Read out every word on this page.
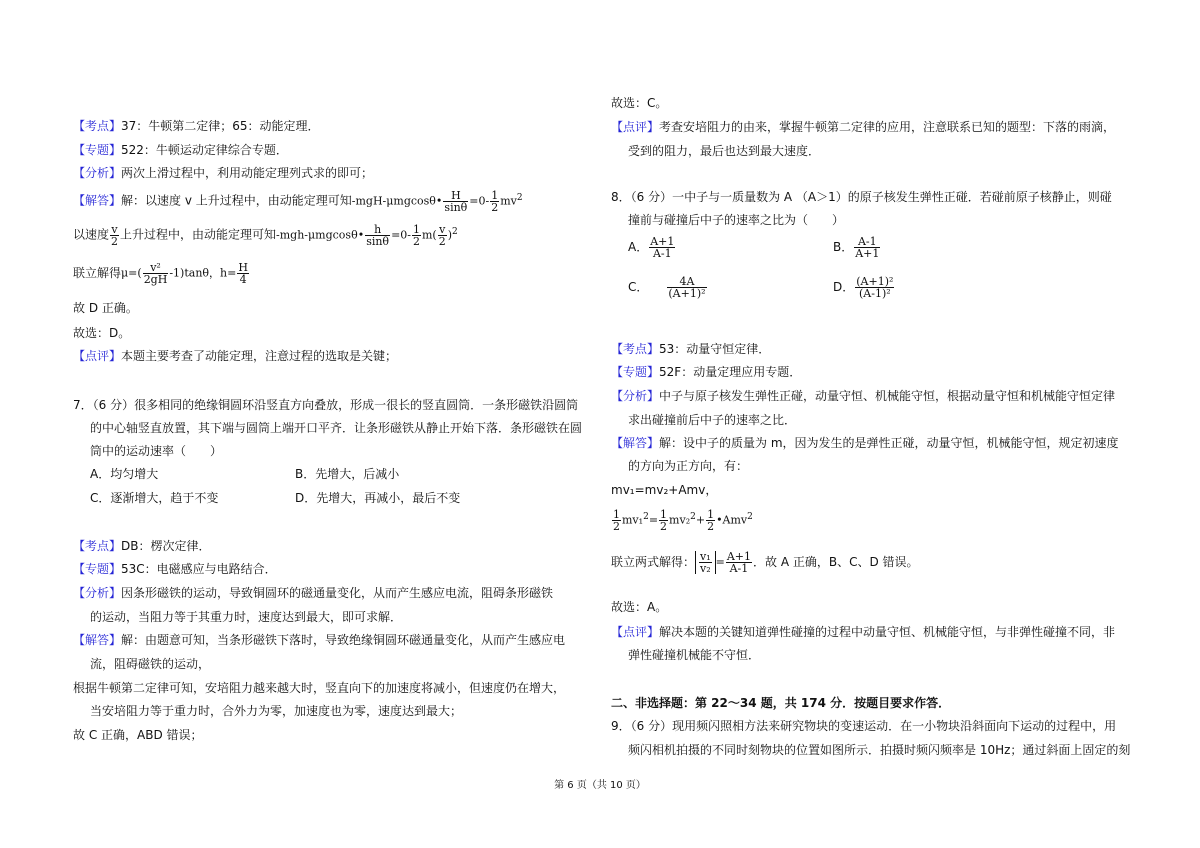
【考点】37：牛顿第二定律；65：动能定理．
【专题】522：牛顿运动定律综合专题．
【分析】两次上滑过程中，利用动能定理列式求的即可；
【解答】解：以速度 v 上升过程中，由动能定理可知-mgH-μmgcosθ• $\frac{H}{\sin\theta} =0- \frac{1}{2} mv^2$
以速度 $\frac{v}{2}$ 上升过程中，由动能定理可知-mgh-μmgcosθ• $\frac{h}{\sin\theta} =0- \frac{1}{2} m( \frac{v}{2} )^2$
联立解得$\mu=( \frac{\text{v²}}{2gH} -1)\tan\theta$，$h= \frac{H}{4}$
故 D 正确。
故选：D。
【点评】本题主要考查了动能定理，注意过程的选取是关键；
7．（6 分）很多相同的绝缘铜圆环沿竖直方向叠放，形成一很长的竖直圆筒．一条形磁铁沿圆筒
的中心轴竖直放置，其下端与圆筒上端开口平齐．让条形磁铁从静止开始下落．条形磁铁在圆
筒中的运动速率（　　）
A．均匀增大	B．先增大，后减小
C．逐渐增大，趋于不变	D．先增大，再减小，最后不变
【考点】DB：楞次定律．
【专题】53C：电磁感应与电路结合．
【分析】因条形磁铁的运动，导致铜圆环的磁通量变化，从而产生感应电流，阻碍条形磁铁
的运动，当阻力等于其重力时，速度达到最大，即可求解．
【解答】解：由题意可知，当条形磁铁下落时，导致绝缘铜圆环磁通量变化，从而产生感应电
流，阻碍磁铁的运动，
根据牛顿第二定律可知，安培阻力越来越大时，竖直向下的加速度将减小，但速度仍在增大，
当安培阻力等于重力时，合外力为零，加速度也为零，速度达到最大；
故 C 正确，ABD 错误；
故选：C。
【点评】考查安培阻力的由来，掌握牛顿第二定律的应用，注意联系已知的题型：下落的雨滴，
受到的阻力，最后也达到最大速度．
8．（6 分）一中子与一质量数为 A （A＞1）的原子核发生弹性正碰．若碰前原子核静止，则碰
撞前与碰撞后中子的速率之比为（　　）
A． $\frac{A+1}{A-1}$	B． $\frac{A-1}{A+1}$
C． $\frac{4A}{\text{(A+1)²}}$	D． $\frac{\text{(A+1)²}}{\text{(A-1)²}}$
【考点】53：动量守恒定律．
【专题】52F：动量定理应用专题．
【分析】中子与原子核发生弹性正碰，动量守恒、机械能守恒，根据动量守恒和机械能守恒定律
求出碰撞前后中子的速率之比．
【解答】解：设中子的质量为 m，因为发生的是弹性正碰，动量守恒，机械能守恒，规定初速度
的方向为正方向，有：
mv₁=mv₂+Amv，
$\frac{1}{2} mv_1^2= \frac{1}{2} mv_2^2+ \frac{1}{2}$ •Amv$^2$
联立两式解得： $\frac{\text{v₁}}{\text{v₂}} = \frac{A+1}{A-1}$ ．故 A 正确，B、C、D 错误。
故选：A。
【点评】解决本题的关键知道弹性碰撞的过程中动量守恒、机械能守恒，与非弹性碰撞不同，非
弹性碰撞机械能不守恒．
二、非选择题：第 22～34 题，共 174 分．按题目要求作答．
9．（6 分）现用频闪照相方法来研究物块的变速运动．在一小物块沿斜面向下运动的过程中，用
频闪相机拍摄的不同时刻物块的位置如图所示．拍摄时频闪频率是 10Hz；通过斜面上固定的刻
第 6 页（共 10 页）
